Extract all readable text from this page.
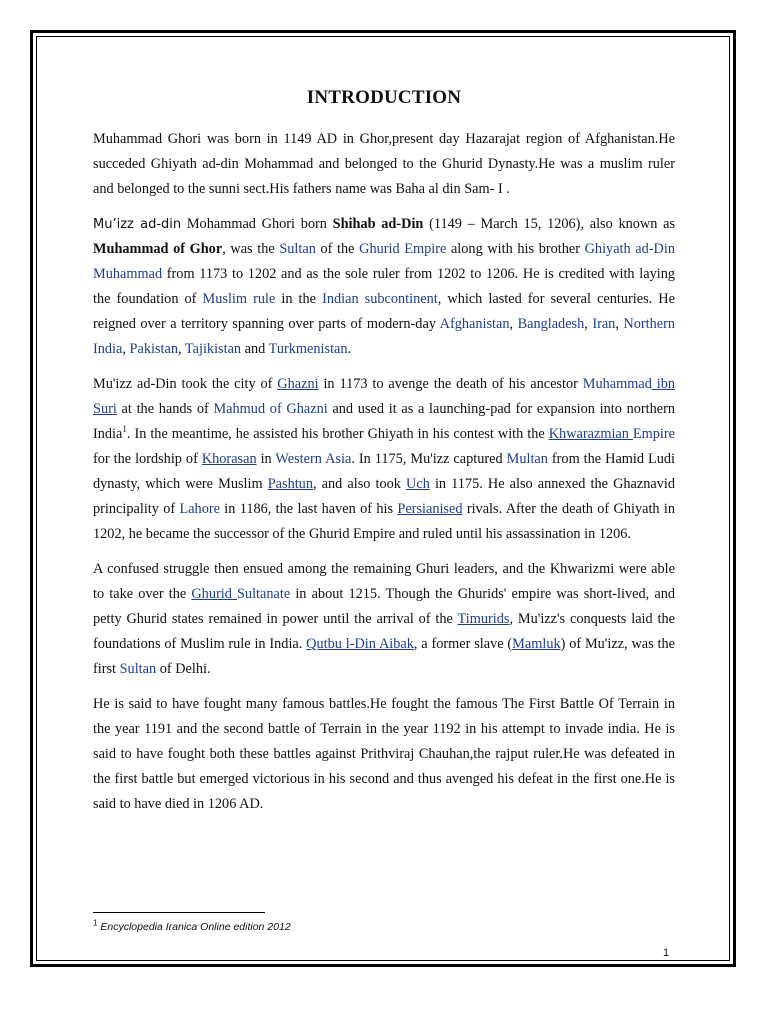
INTRODUCTION

Muhammad Ghori was born in 1149 AD in Ghor,present day Hazarajat region of Afghanistan.He succeded Ghiyath ad-din Mohammad and belonged to the Ghurid Dynasty.He was a muslim ruler and belonged to the sunni sect.His fathers name was Baha al din Sam- I .

Mu’izz ad-din Mohammad Ghori born Shihab ad-Din (1149 – March 15, 1206), also known as Muhammad of Ghor, was the Sultan of the Ghurid Empire along with his brother Ghiyath ad-Din Muhammad from 1173 to 1202 and as the sole ruler from 1202 to 1206. He is credited with laying the foundation of Muslim rule in the Indian subcontinent, which lasted for several centuries. He reigned over a territory spanning over parts of modern-day Afghanistan, Bangladesh, Iran, Northern India, Pakistan, Tajikistan and Turkmenistan.

Mu'izz ad-Din took the city of Ghazni in 1173 to avenge the death of his ancestor Muhammad ibn Suri at the hands of Mahmud of Ghazni and used it as a launching-pad for expansion into northern India$^1$. In the meantime, he assisted his brother Ghiyath in his contest with the Khwarazmian Empire for the lordship of Khorasan in Western Asia. In 1175, Mu'izz captured Multan from the Hamid Ludi dynasty, which were Muslim Pashtun, and also took Uch in 1175. He also annexed the Ghaznavid principality of Lahore in 1186, the last haven of his Persianised rivals. After the death of Ghiyath in 1202, he became the successor of the Ghurid Empire and ruled until his assassination in 1206.

A confused struggle then ensued among the remaining Ghuri leaders, and the Khwarizmi were able to take over the Ghurid Sultanate in about 1215. Though the Ghurids' empire was short-lived, and petty Ghurid states remained in power until the arrival of the Timurids, Mu'izz's conquests laid the foundations of Muslim rule in India. Qutbu l-Din Aibak, a former slave (Mamluk) of Mu'izz, was the first Sultan of Delhi.

He is said to have fought many famous battles.He fought the famous The First Battle Of Terrain in the year 1191 and the second battle of Terrain in the year 1192 in his attempt to invade india. He is said to have fought both these battles against Prithviraj Chauhan,the rajput ruler.He was defeated in the first battle but emerged victorious in his second and thus avenged his defeat in the first one.He is said to have died in 1206 AD.

$^1$ Encyclopedia Iranica Online edition 2012
1
